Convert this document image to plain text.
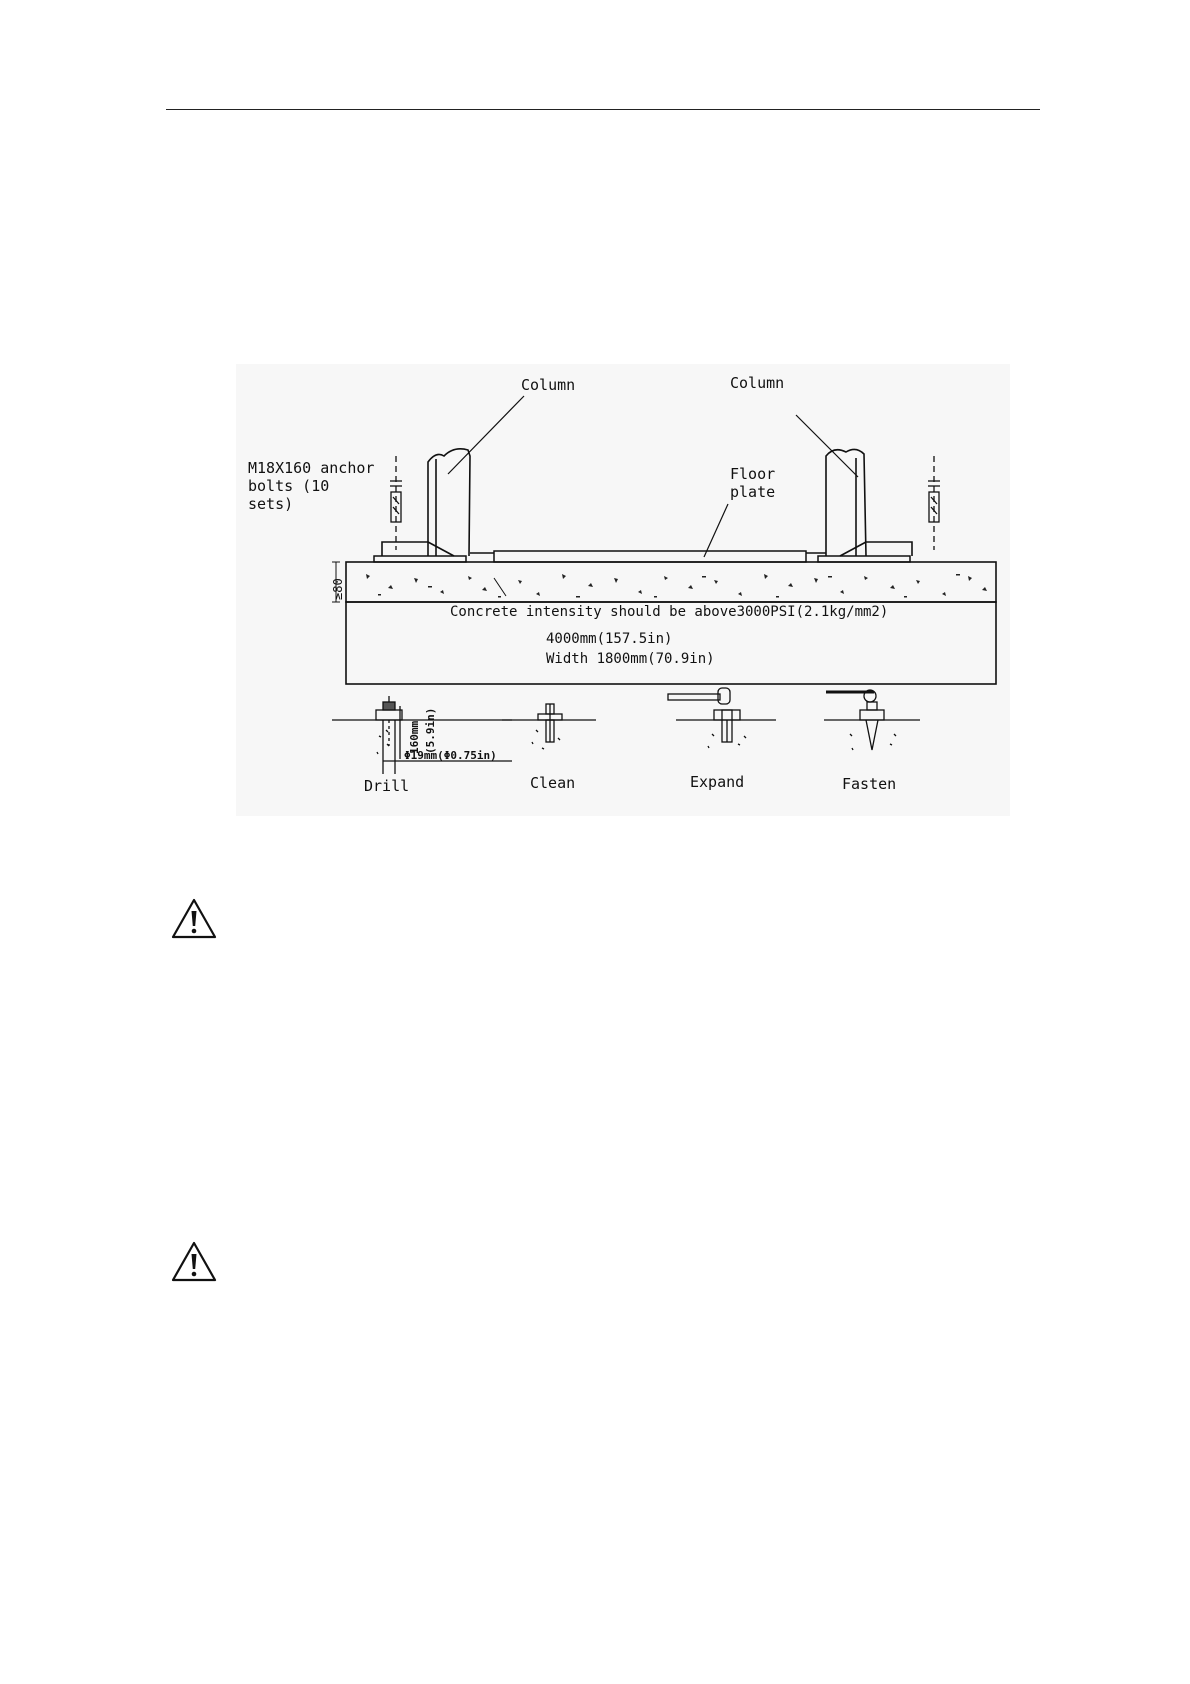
Column	Column
M18X160 anchor bolts (10 sets)
Floor plate
≥80
Concrete intensity should be above3000PSI(2.1kg/mm2)
4000mm(157.5in)
Width 1800mm(70.9in)
160mm (5.9in)
Φ19mm(Φ0.75in)
Drill	Clean	Expand	Fasten
